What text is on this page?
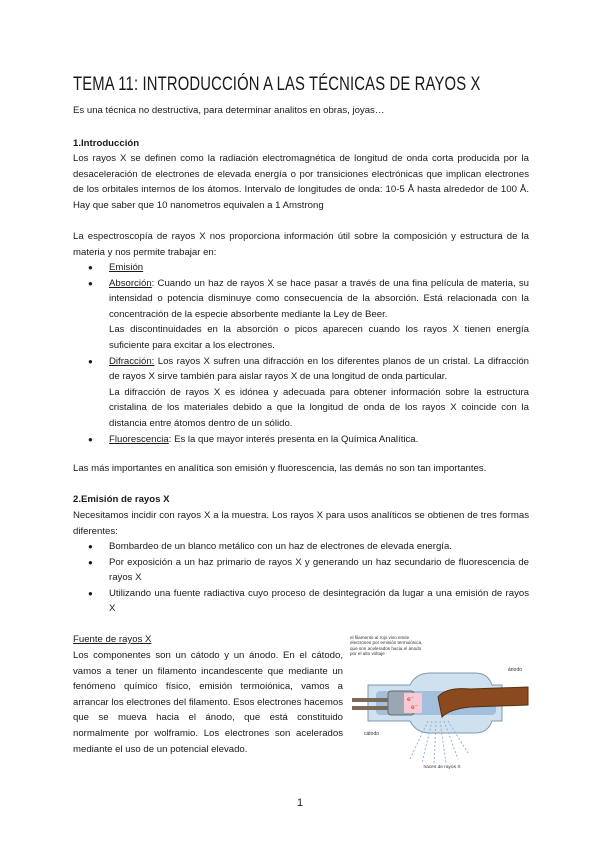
TEMA 11: INTRODUCCIÓN A LAS TÉCNICAS DE RAYOS X
Es una técnica no destructiva, para determinar analitos en obras, joyas…
1.Introducción
Los rayos X se definen como la radiación electromagnética de longitud de onda corta producida por la desaceleración de electrones de elevada energía o por transiciones electrónicas que implican electrones de los orbitales internos de los átomos. Intervalo de longitudes de onda: 10-5 Å hasta alrededor de 100 Å. Hay que saber que 10 nanometros equivalen a 1 Amstrong
La espectroscopía de rayos X nos proporciona información útil sobre la composición y estructura de la materia y nos permite trabajar en:
● Emisión
● Absorción: Cuando un haz de rayos X se hace pasar a través de una fina película de materia, su intensidad o potencia disminuye como consecuencia de la absorción. Está relacionada con la concentración de la especie absorbente mediante la Ley de Beer.
Las discontinuidades en la absorción o picos aparecen cuando los rayos X tienen energía suficiente para excitar a los electrones.
● Difracción: Los rayos X sufren una difracción en los diferentes planos de un cristal. La difracción de rayos X sirve también para aislar rayos X de una longitud de onda particular.
La difracción de rayos X es idónea y adecuada para obtener información sobre la estructura cristalina de los materiales debido a que la longitud de onda de los rayos X coincide con la distancia entre átomos dentro de un sólido.
● Fluorescencia: Es la que mayor interés presenta en la Química Analítica.
Las más importantes en analítica son emisión y fluorescencia, las demás no son tan importantes.
2.Emisión de rayos X
Necesitamos incidir con rayos X a la muestra. Los rayos X para usos analíticos se obtienen de tres formas diferentes:
● Bombardeo de un blanco metálico con un haz de electrones de elevada energía.
● Por exposición a un haz primario de rayos X y generando un haz secundario de fluorescencia de rayos X
● Utilizando una fuente radiactiva cuyo proceso de desintegración da lugar a una emisión de rayos X
Fuente de rayos X
Los componentes son un cátodo y un ánodo. En el cátodo, vamos a tener un filamento incandescente que mediante un fenómeno químico físico, emisión termoiónica, vamos a arrancar los electrones del filamento. Esos electrones hacemos que se mueva hacia el ánodo, que está constituido normalmente por wolframio. Los electrones son acelerados mediante el uso de un potencial elevado.
e⁻
e⁻
el filamento al rojo vivo emite electrones por emisión termoiónica, que son acelerados hacia el ánodo por el alto voltaje
ánodo
cátodo
haces de rayos X
1
